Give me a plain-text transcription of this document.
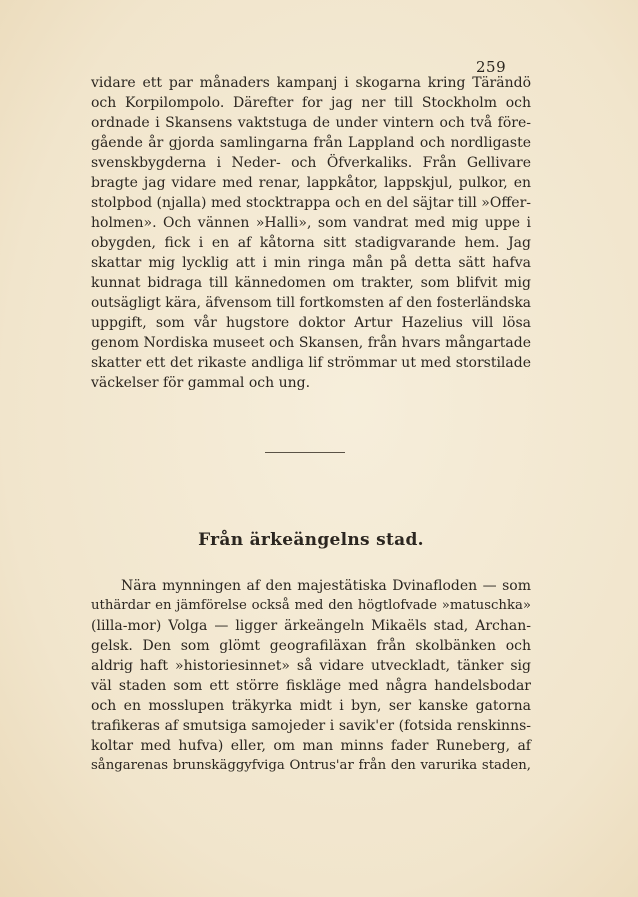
259
vidare ett par månaders kampanj i skogarna kring Tärändö
och Korpilompolo. Därefter for jag ner till Stockholm och
ordnade i Skansens vaktstuga de under vintern och två före-
gående år gjorda samlingarna från Lappland och nordligaste
svenskbygderna i Neder- och Öfverkaliks. Från Gellivare
bragte jag vidare med renar, lappkåtor, lappskjul, pulkor, en
stolpbod (njalla) med stocktrappa och en del säjtar till »Offer-
holmen». Och vännen »Halli», som vandrat med mig uppe i
obygden, fick i en af kåtorna sitt stadigvarande hem. Jag
skattar mig lycklig att i min ringa mån på detta sätt hafva
kunnat bidraga till kännedomen om trakter, som blifvit mig
outsägligt kära, äfvensom till fortkomsten af den fosterländska
uppgift, som vår hugstore doktor Artur Hazelius vill lösa
genom Nordiska museet och Skansen, från hvars mångartade
skatter ett det rikaste andliga lif strömmar ut med storstilade
väckelser för gammal och ung.
Från ärkeängelns stad.
Nära mynningen af den majestätiska Dvinafloden — som
uthärdar en jämförelse också med den högtlofvade »matuschka»
(lilla-mor) Volga — ligger ärkeängeln Mikaëls stad, Archan-
gelsk. Den som glömt geografiläxan från skolbänken och
aldrig haft »historiesinnet» så vidare utveckladt, tänker sig
väl staden som ett större fiskläge med några handelsbodar
och en mosslupen träkyrka midt i byn, ser kanske gatorna
trafikeras af smutsiga samojeder i savik'er (fotsida renskinns-
koltar med hufva) eller, om man minns fader Runeberg, af
sångarenas brunskäggyfviga Ontrus'ar från den varurika staden,
